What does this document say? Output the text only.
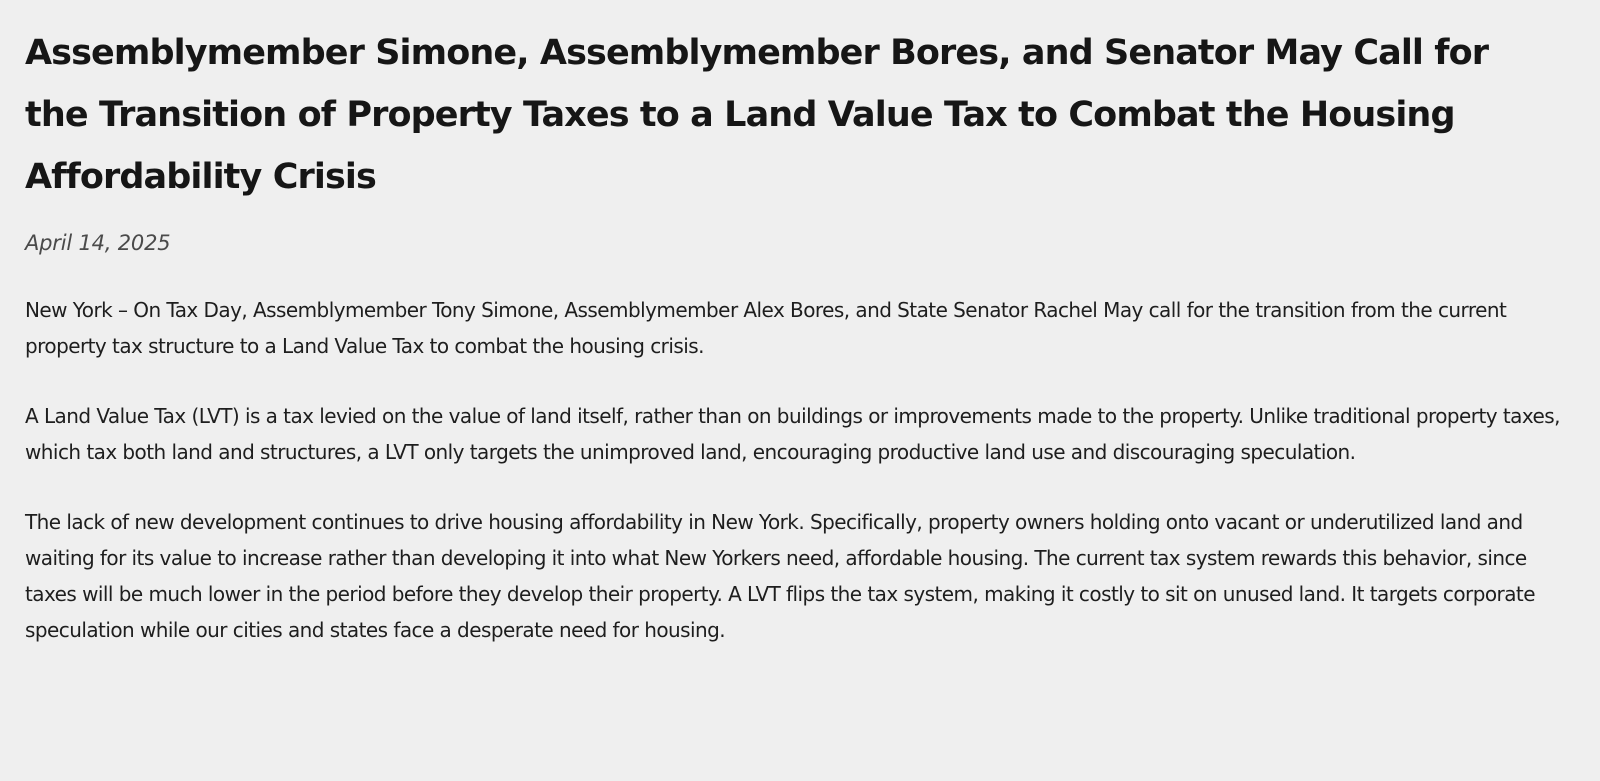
Assemblymember Simone, Assemblymember Bores, and Senator May Call for the Transition of Property Taxes to a Land Value Tax to Combat the Housing Affordability Crisis
April 14, 2025

New York – On Tax Day, Assemblymember Tony Simone, Assemblymember Alex Bores, and State Senator Rachel May call for the transition from the current property tax structure to a Land Value Tax to combat the housing crisis.

A Land Value Tax (LVT) is a tax levied on the value of land itself, rather than on buildings or improvements made to the property. Unlike traditional property taxes, which tax both land and structures, a LVT only targets the unimproved land, encouraging productive land use and discouraging speculation.

The lack of new development continues to drive housing affordability in New York. Specifically, property owners holding onto vacant or underutilized land and waiting for its value to increase rather than developing it into what New Yorkers need, affordable housing. The current tax system rewards this behavior, since taxes will be much lower in the period before they develop their property. A LVT flips the tax system, making it costly to sit on unused land. It targets corporate speculation while our cities and states face a desperate need for housing.
